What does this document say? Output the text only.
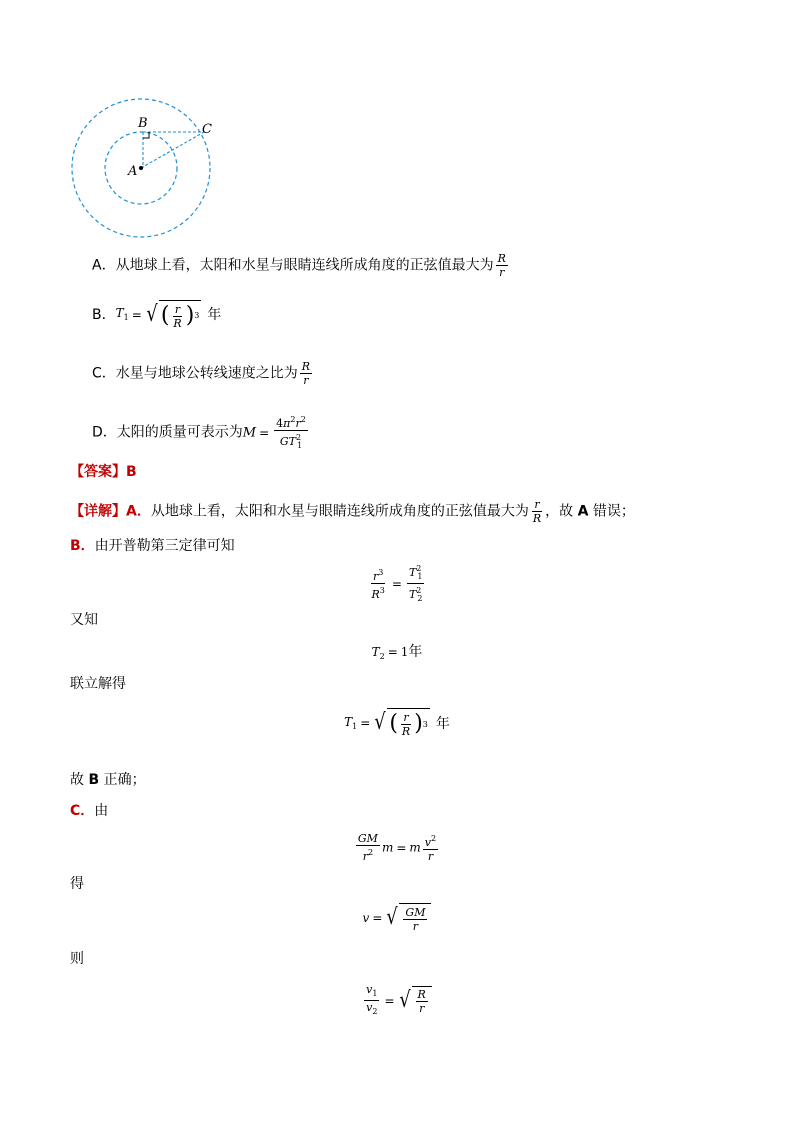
A
B	C
A．从地球上看，太阳和水星与眼睛连线所成角度的正弦值最大为 $\frac{R}{r}$
B． $T_1$ = √ ( $\frac{r}{R}$ ) 3 年
C．水星与地球公转线速度之比为 $\frac{R}{r}$
D．太阳的质量可表示为$M = \frac{4\pi^2r^2}{GT^2_1}$
【答案】B
【详解】A．从地球上看，太阳和水星与眼睛连线所成角度的正弦值最大为 $\frac{r}{R}$ ，故 A 错误；
B．由开普勒第三定律可知
$\frac{r^3}{R^3} = \frac{T^2_1}{T^2_2}$
又知
$T_2 = 1$年
联立解得
$T_1$ = √ ( $\frac{r}{R}$ ) 3 年
故 B 正确；
C．由
$\frac{GM}{r^2}$ m = m $\frac{v^2}{r}$
得
v = √ $\frac{GM}{r}$
则
$\frac{v_1}{v_2}$ = √ $\frac{R}{r}$
